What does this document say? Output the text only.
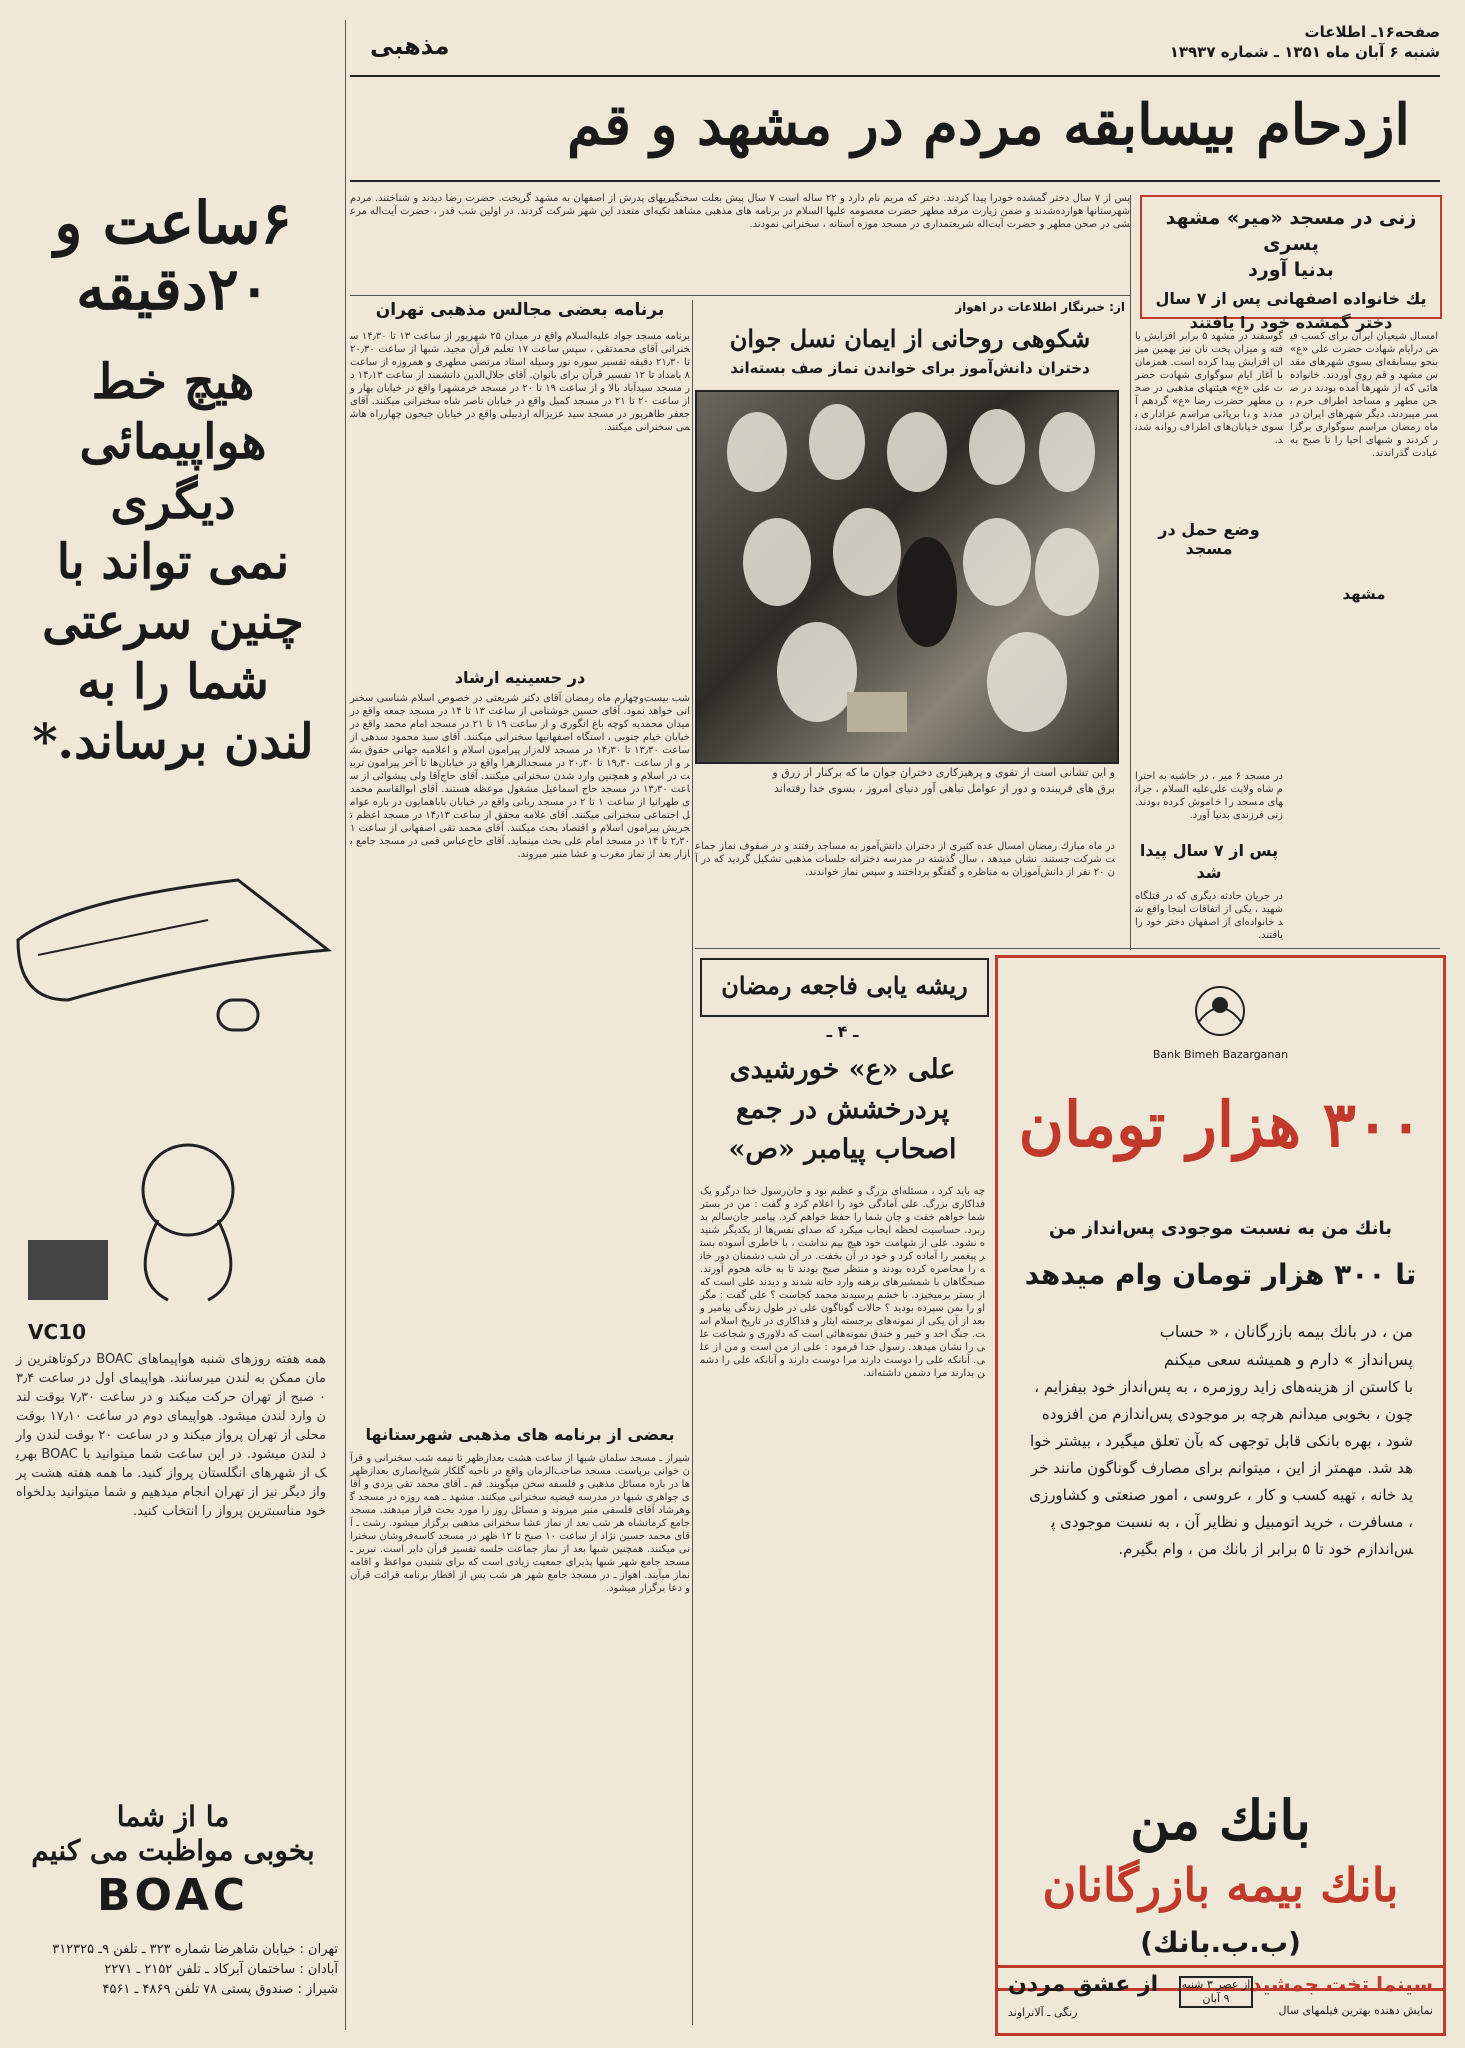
صفحه۱۶ـ اطلاعات
شنبه ۶ آبان ماه ۱۳۵۱ ـ شماره ۱۳۹۳۷
مذهبی
ازدحام بیسابقه مردم در مشهد و قم
۶ساعت و
۲۰دقیقه
هیچ خط
هواپیمائی
دیگری
نمی تواند با
چنین سرعتی
شما را به
لندن برساند.*
VC10
همه هفته روزهای شنبه هواپیماهای BOAC دركوتاهترين زمان ممكن به لندن ميرسانند. هواپيماى اول در ساعت ۳٫۴۰ صبح از تهران حرکت میکند و در ساعت ۷٫۳۰ بوقت لندن وارد لندن ميشود. هواپيماى دوم در ساعت ۱۷٫۱۰ بوقت محلی از تهران پرواز میکند و در ساعت ۲۰ بوقت لندن وارد لندن میشود. در این ساعت شما میتوانید با BOAC بهریک از شهرهای انگلستان پرواز کنید. ما همه هفته هشت پرواز دیگر نیز از تهران انجام میدهیم و شما میتوانید بدلخواه خود مناسبترین پرواز را انتخاب کنید.
ما از شما
بخوبی مواظبت می کنیم
BOAC
تهران : خیابان شاهرضا شماره ۳۲۳ ـ تلفن ۹ـ ۳۱۲۳۲۵
آبادان : ساختمان آبرکاد ـ تلفن ۲۱۵۲ ـ ۲۲۷۱
شیراز : صندوق پستی ۷۸ تلفن ۴۸۶۹ ـ ۴۵۶۱
پس از ۷ سال دختر گمشده خودرا پیدا کردند. دختر که مریم نام دارد و ۲۲ ساله است ۷ سال پیش بعلت سختگیریهای پدرش از اصفهان به مشهد گریخت. حضرت رضا دیدند و شناختند. مردم شهرستانها هوارده‌شدند و ضمن زیارت مرقد مطهر حضرت معصومه علیها السلام در برنامه های مذهبی مشاهد تکیه‌ای متعدد این شهر شرکت کردند. در اولین شب قدر ، حضرت آیت‌اله مرعشی در صحن مطهر و حضرت آیت‌اله شریعتمداری در مسجد موزه آستانه ، سخنرانی نمودند.	زنی در مسجد «میر» مشهد پسری
بدنیا آورد
یك خانواده اصفهانی پس از ۷ سال
دختر گمشده خود را یافتند
امسال شیعیان ایران برای کسب فیض درایام شهادت حضرت علی «ع» بنحو بیسابقه‌ای بسوی شهرهای مقدس مشهد و قم روی آوردند. خانواده هائی که از شهرها آمده بودند در صحن مطهر و مساجد اطراف حرم بسر میبردند. دیگر شهرهای ایران در ماه رمضان مراسم سوگواری برگزار کردند و شبهای احیا را تا صبح به عبادت گذراندند.
مشهد
گوسفند در مشهد ۵ برابر افزایش یافته و میزان پخت نان نیز بهمین میزان افزایش پیدا کرده است. همزمان با آغاز ایام سوگواری شهادت حضرت علی «ع» هیئتهای مذهبی در صحن مطهر حضرت رضا «ع» گردهم آمدند و با برپائی مراسم عزاداری بسوی خیابان‌های اطراف روانه شدند.
وضع حمل در مسجد
در مسجد ۶ میر ، در حاشیه به احترام شاه ولایت علی‌علیه السلام ، جرانهای مسجد را خاموش کرده بودند. زنی فرزندی بدنیا آورد.
پس از ۷ سال پیدا شد
در جریان حادثه دیگری که در قتلگاه شهید ، یکی از اتفاقات اینجا واقع شد خانواده‌ای از اصفهان دختر خود را یافتند.
از: خبرنگار اطلاعات در اهواز
شکوهی روحانی از ایمان نسل جوان
دختران دانش‌آموز برای خواندن نماز صف بسته‌اند
و این تشانی است از تقوی و پرهیزکاری دختران جوان ما که برکنار از زرق و
برق های فریبنده و دور از عوامل تباهی آور دنیای امروز ، بسوی خدا رفته‌اند
در ماه مبارك رمضان امسال عده کثیری از دختران دانش‌آموز به مساجد رفتند و در صفوف نماز جماعت شرکت جستند. نشان میدهد ، سال گذشته در مدرسه دخترانه جلسات مذهبی تشکیل گردید که در آن ۲۰ نفر از دانش‌آموزان به مناظره و گفتگو پرداختند و سپس نماز خواندند.
برنامه بعضی مجالس مذهبی تهران
برنامه مسجد جواد علیه‌السلام واقع در میدان ۲۵ شهریور از ساعت ۱۳ تا ۱۴٫۳۰ سخنرانی آقای محمدتقی ، سپس ساعت ۱۷ تعلیم قرآن مجید. شبها از ساعت ۲۰٫۳۰ تا ۲۱٫۳۰ دقیقه تفسیر سوره نور وسیله استاد مرتضی مطهری و همروزه از ساعت ۸ بامداد تا ۱۲ تفسیر قرآن برای بانوان. آقای جلال‌الدین دانشمند از ساعت ۱۴٫۱۳ در مسجد سیدآباد بالا و از ساعت ۱۹ تا ۲۰ در مسجد خرمشهرا واقع در خیابان بهار و از ساعت ۲۰ تا ۲۱ در مسجد کمیل واقع در خیابان ناصر شاه سخنرانی میکنند. آقای جعفر طاهرپور در مسجد سید عزیزاله اردبیلی واقع در خیابان جیحون چهارراه هاشمی سخنرانی میکنند.
در حسینیه ارشاد
شب بیست‌وچهارم ماه رمضان آقای دکتر شریعتی در خصوص اسلام شناسی سخنرانی خواهد نمود. آقای حسین خوشنامی از ساعت ۱۳ تا ۱۴ در مسجد جمعه واقع در میدان محمدیه کوچه باغ انگوری و از ساعت ۱۹ تا ۲۱ در مسجد امام محمد واقع در خیابان خیام جنوبی ، استگاه اصفهانیها سخنرانی میکنند. آقای سید محمود سدهی از ساعت ۱۳٫۳۰ تا ۱۴٫۳۰ در مسجد لاله‌زار پیرامون اسلام و اعلامیه جهانی حقوق بشر و از ساعت ۱۹٫۳۰ تا ۲۰٫۳۰ در مسجدالزهرا واقع در خیابان‌ها تا آخر پیرامون تربیت در اسلام و همچنین وارد شدن سخنرانی میکنند. آقای حاج‌آقا ولی پیشوائی از ساعت ۱۳٫۳۰ در مسجد حاج اسماعیل مشغول موعظه هستند. آقای ابوالقاسم محمدی طهرانیا از ساعت ۱ تا ۲ در مسجد ربانی واقع در خیابان باباهمایون در باره عوامل اجتماعی سخنرانی میکنند. آقای علامه محقق از ساعت ۱۴٫۱۳ در مسجد اعظم تجریش پیرامون اسلام و اقتصاد بحث میکنند. آقای محمد تقی اصفهانی از ساعت ۱۲٫۳۰ تا ۱۴ در مسجد امام علی بحث مینماید. آقای حاج‌عباس قمی در مسجد جامع بازار بعد از نماز مغرب و عشا منبر میروند.
بعضی از برنامه های مذهبی شهرستانها
شیراز ـ مسجد سلمان شبها از ساعت هشت بعدازظهر تا نیمه شب سخنرانی و قرآن خوانی برپاست. مسجد صاحب‌الزمان واقع در ناحیه گلکار شیخ‌انصاری بعدازظهرها در باره مسائل مذهبی و فلسفه سخن میگویند. قم ـ آقای محمد تقی یزدی و آقای جواهری شبها در مدرسه فیضیه سخنرانی میکنند. مشهد ـ همه روزه در مسجد گوهرشاد آقای فلسفی منبر میروند و مسائل روز را مورد بحث قرار میدهند. مسجد جامع کرمانشاه هر شب بعد از نماز عشا سخنرانی مذهبی برگزار میشود. رشت ـ آقای محمد حسین نژاد از ساعت ۱۰ صبح تا ۱۲ ظهر در مسجد کاسه‌فروشان سخنرانی میکنند. همچنین شبها بعد از نماز جماعت جلسه تفسیر قرآن دایر است. تبریز ـ مسجد جامع شهر شبها پذیرای جمعیت زیادی است که برای شنیدن مواعظ و اقامه نماز میآیند. اهواز ـ در مسجد جامع شهر هر شب پس از افطار برنامه قرائت قرآن و دعا برگزار میشود.
ریشه یابی فاجعه رمضان
ـ ۴ ـ
علی «ع» خورشیدی
پردرخشش در جمع
اصحاب پیامبر «ص»
چه باید کرد ، مسئله‌ای بزرگ و عظیم بود و جان‌رسول خدا درگرو یک فداکاری بزرگ. علی آمادگی خود را اعلام کرد و گفت : من در بستر شما خواهم خفت و جان شما را حفظ خواهم کرد. پیامبر جان‌سالم بدربرد. حساسیت لحظه ایجاب میکرد که صدای نفس‌ها از یکدیگر شنیده نشود. علی از شهامت خود هیچ بیم نداشت ، با خاطری آسوده بستر پیغمبر را آماده کرد و خود در آن بخفت. در آن شب دشمنان دور خانه را محاصره کرده بودند و منتظر صبح بودند تا به خانه هجوم آورند. صبحگاهان با شمشیرهای برهنه وارد خانه شدند و دیدند علی است که از بستر برمیخیزد. با خشم پرسیدند محمد کجاست ؟ علی گفت : مگر او را بمن سپرده بودید ؟ حالات گوناگون علی در طول زندگی پیامبر و بعد از آن یکی از نمونه‌های برجسته ایثار و فداکاری در تاریخ اسلام است. جنگ احد و خیبر و خندق نمونه‌هائی است که دلاوری و شجاعت علی را نشان میدهد. رسول خدا فرمود : علی از من است و من از علی. آنانکه علی را دوست دارند مرا دوست دارند و آنانکه علی را دشمن بدارند مرا دشمن داشته‌اند.
Bank Bimeh Bazarganan
۳۰۰ هزار تومان
بانك من به نسبت موجودی پس‌انداز من
تا ۳۰۰ هزار تومان وام میدهد
من ، در بانك بیمه بازرگانان ، « حساب
پس‌انداز » دارم و همیشه سعی میکنم
با کاستن از هزینه‌های زاید روزمره ، به پس‌انداز خود بیفزایم ، چون ، بخوبی میدانم هرچه بر موجودی پس‌اندازم من افزوده شود ، بهره بانکی قابل توجهی که بآن تعلق میگیرد ، بیشتر خواهد شد. مهمتر از این ، میتوانم برای مصارف گوناگون مانند خرید خانه ، تهیه کسب و کار ، عروسی ، امور صنعتی و کشاورزی ، مسافرت ، خرید اتومبیل و نظایر آن ، به نسبت موجودی پس‌اندازم خود تا ۵ برابر از بانك من ، وام بگیرم.
بانك من
بانك بیمه بازرگانان
(ب.ب.بانك)
سینما تخت جمشید
نمایش دهنده بهترین فیلمهای سال
از عصر ۳ شنبه ۹ آبان
از عشق مردن
رنگی ـ آلانراوند
